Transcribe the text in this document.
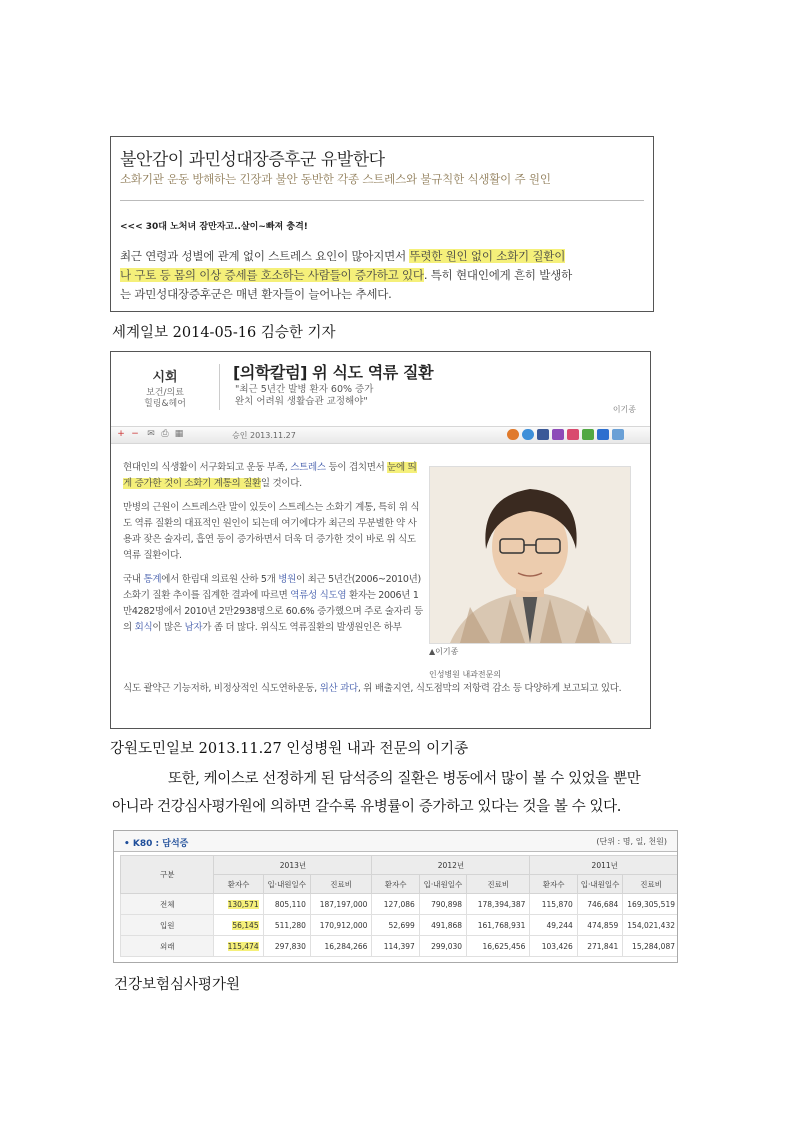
불안감이 과민성대장증후군 유발한다
소화기관 운동 방해하는 긴장과 불안 동반한 각종 스트레스와 불규칙한 식생활이 주 원인
<<< 30대 노처녀 잠만자고..살이~빠져 충격!
최근 연령과 성별에 관계 없이 스트레스 요인이 많아지면서 뚜렷한 원인 없이 소화기 질환이
나 구토 등 몸의 이상 증세를 호소하는 사람들이 증가하고 있다. 특히 현대인에게 흔히 발생하
는 과민성대장증후군은 매년 환자들이 늘어나는 추세다.
세계일보 2014-05-16 김승한 기자
시회
보건/의료
힐링&헤어
[의학칼럼] 위 식도 역류 질환
"최근 5년간 발병 환자 60% 증가
완치 어려워 생활습관 교정해야"
이기종
+ − ✉ ⎙ ▦	승인 2013.11.27

현대인의 식생활이 서구화되고 운동 부족, 스트레스 등이 겹치면서 눈에 띄게 증가한 것이 소화기 계통의 질환일 것이다.

만병의 근원이 스트레스란 말이 있듯이 스트레스는 소화기 계통, 특히 위 식도 역류 질환의 대표적인 원인이 되는데 여기에다가 최근의 무분별한 약 사용과 잦은 술자리, 흡연 등이 증가하면서 더욱 더 증가한 것이 바로 위 식도 역류 질환이다.

국내 통계에서 한림대 의료원 산하 5개 병원이 최근 5년간(2006~2010년) 소화기 질환 추이를 집계한 결과에 따르면 역류성 식도염 환자는 2006년 1만4282명에서 2010년 2만2938명으로 60.6% 증가했으며 주로 술자리 등의 회식이 많은 남자가 좀 더 많다. 위식도 역류질환의 발생원인은 하부

▲이기종
인성병원 내과전문의
식도 괄약근 기능저하, 비정상적인 식도연하운동, 위산 과다, 위 배출지연, 식도점막의 저항력 감소 등 다양하게 보고되고 있다.
강원도민일보 2013.11.27 인성병원 내과 전문의 이기종
또한, 케이스로 선정하게 된 담석증의 질환은 병동에서 많이 볼 수 있었을 뿐만
아니라 건강심사평가원에 의하면 갈수록 유병률이 증가하고 있다는 것을 볼 수 있다.
• K80 : 담석증	(단위 : 명, 일, 천원)
구분	2013년			2012년			2011년		
	환자수	입·내원일수	진료비	환자수	입·내원일수	진료비	환자수	입·내원일수	진료비
전체	130,571	805,110	187,197,000	127,086	790,898	178,394,387	115,870	746,684	169,305,519
입원	56,145	511,280	170,912,000	52,699	491,868	161,768,931	49,244	474,859	154,021,432
외래	115,474	297,830	16,284,266	114,397	299,030	16,625,456	103,426	271,841	15,284,087
건강보험심사평가원
